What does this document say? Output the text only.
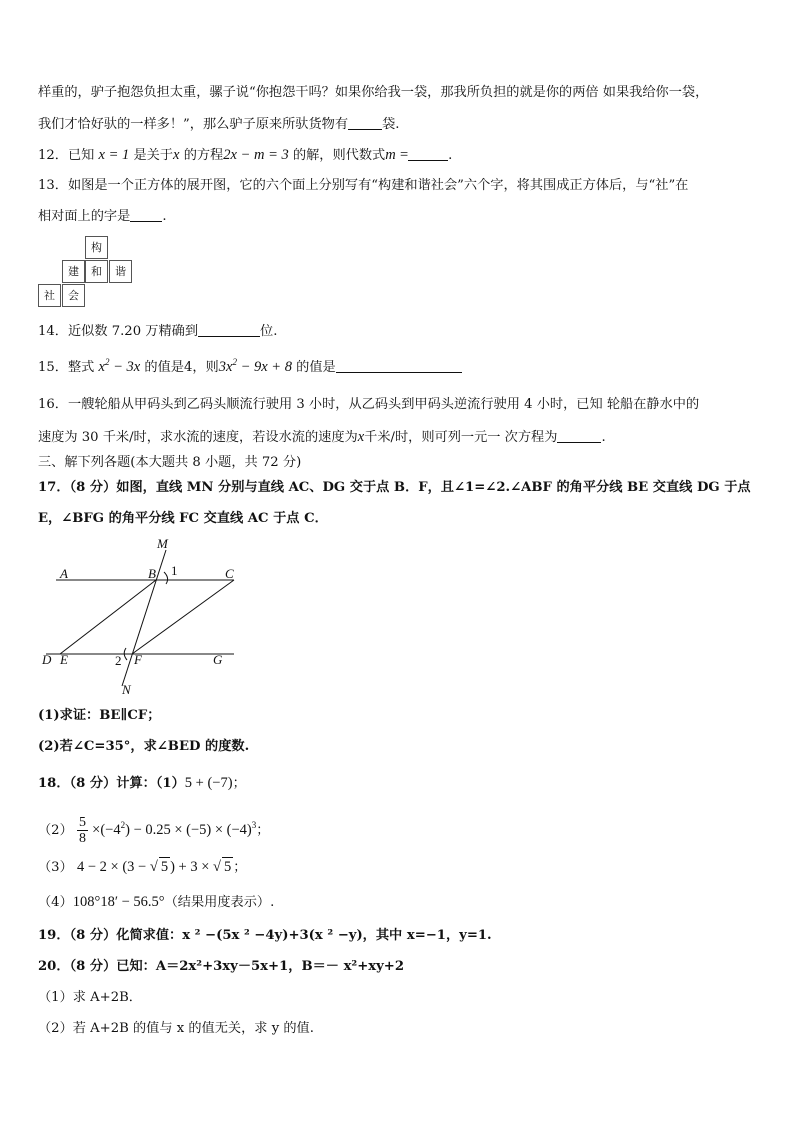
样重的，驴子抱怨负担太重，骡子说“你抱怨干吗？如果你给我一袋，那我所负担的就是你的两倍 如果我给你一袋，
我们才恰好驮的一样多！”，那么驴子原来所驮货物有	袋.
12．已知 x = 1 是关于x 的方程2x − m = 3 的解，则代数式m =	.
13．如图是一个正方体的展开图，它的六个面上分别写有“构建和谐社会”六个字，将其围成正方体后，与“社”在
相对面上的字是 .
构
建	和	谐
社	会
14．近似数 7.20 万精确到	位.
15．整式 $x^2 - 3x$ 的值是4，则$3x^2 - 9x + 8$ 的值是
16．一艘轮船从甲码头到乙码头顺流行驶用 3 小时，从乙码头到甲码头逆流行驶用 4 小时，已知 轮船在静水中的
速度为 30 千米/时，求水流的速度，若设水流的速度为x千米/时，则可列一元一 次方程为	.
三、解下列各题(本大题共 8 小题，共 72 分)
17．（8 分）如图，直线 MN 分别与直线 AC、DG 交于点 B．F，且∠1=∠2.∠ABF 的角平分线 BE 交直线 DG 于点
E，∠BFG 的角平分线 FC 交直线 AC 于点 C．
M
A	B 1	C
D E	2 F	G
N
(1)求证：BE∥CF；
(2)若∠C=35°，求∠BED 的度数.
18．（8 分）计算：（1）5 + (−7)；
$(2) \frac{5}{8} \times(-4^2) - 0.25 \times (-5) \times (-4)^3$；
（3） 4 − 2 × (3 − √ 5 ) + 3 × √ 5 ；
（4）108°18′ − 56.5°（结果用度表示）.
19．（8 分）化简求值：x ² −(5x ² −4y)+3(x ² −y)，其中 x=−1，y=1.
20．（8 分）已知：A＝2x²+3xy－5x+1，B＝－ x²+xy+2
（1）求 A+2B．
（2）若 A+2B 的值与 x 的值无关，求 y 的值.
